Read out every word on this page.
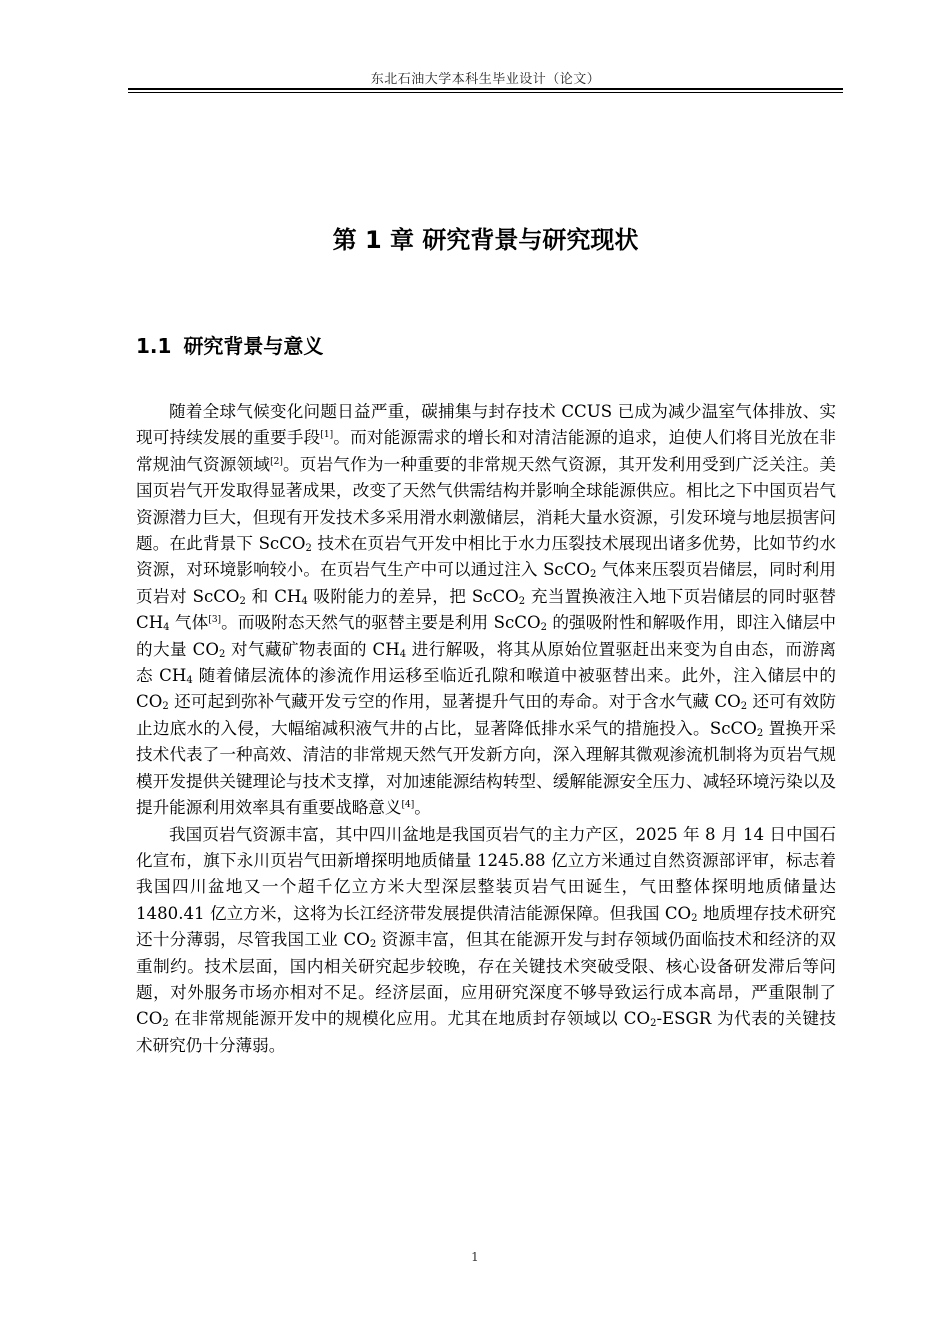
东北石油大学本科生毕业设计（论文）
第 1 章 研究背景与研究现状
1.1 研究背景与意义

随着全球气候变化问题日益严重，碳捕集与封存技术 CCUS 已成为减少温室气体排放、实现可持续发展的重要手段[1]。而对能源需求的增长和对清洁能源的追求，迫使人们将目光放在非常规油气资源领域[2]。页岩气作为一种重要的非常规天然气资源，其开发利用受到广泛关注。美国页岩气开发取得显著成果，改变了天然气供需结构并影响全球能源供应。相比之下中国页岩气资源潜力巨大，但现有开发技术多采用滑水刺激储层，消耗大量水资源，引发环境与地层损害问题。在此背景下 ScCO$_2$ 技术在页岩气开发中相比于水力压裂技术展现出诸多优势，比如节约水资源，对环境影响较小。在页岩气生产中可以通过注入 ScCO$_2$ 气体来压裂页岩储层，同时利用页岩对 ScCO$_2$ 和 $CH_4$ 吸附能力的差异，把 ScCO$_2$ 充当置换液注入地下页岩储层的同时驱替 $CH_4$ 气体[3]。而吸附态天然气的驱替主要是利用 ScCO$_2$ 的强吸附性和解吸作用，即注入储层中的大量 $CO_2$ 对气藏矿物表面的 $CH_4$ 进行解吸，将其从原始位置驱赶出来变为自由态，而游离态 $CH_4$ 随着储层流体的渗流作用运移至临近孔隙和喉道中被驱替出来。此外，注入储层中的 $CO_2$ 还可起到弥补气藏开发亏空的作用，显著提升气田的寿命。对于含水气藏 $CO_2$ 还可有效防止边底水的入侵，大幅缩减积液气井的占比，显著降低排水采气的措施投入。ScCO$_2$ 置换开采技术代表了一种高效、清洁的非常规天然气开发新方向，深入理解其微观渗流机制将为页岩气规模开发提供关键理论与技术支撑，对加速能源结构转型、缓解能源安全压力、减轻环境污染以及提升能源利用效率具有重要战略意义[4]。

我国页岩气资源丰富，其中四川盆地是我国页岩气的主力产区，2025 年 8 月 14 日中国石化宣布，旗下永川页岩气田新增探明地质储量 1245.88 亿立方米通过自然资源部评审，标志着我国四川盆地又一个超千亿立方米大型深层整装页岩气田诞生，气田整体探明地质储量达 1480.41 亿立方米，这将为长江经济带发展提供清洁能源保障。但我国 $CO_2$ 地质埋存技术研究还十分薄弱，尽管我国工业 $CO_2$ 资源丰富，但其在能源开发与封存领域仍面临技术和经济的双重制约。技术层面，国内相关研究起步较晚，存在关键技术突破受限、核心设备研发滞后等问题，对外服务市场亦相对不足。经济层面，应用研究深度不够导致运行成本高昂，严重限制了 $CO_2$ 在非常规能源开发中的规模化应用。尤其在地质封存领域以 $CO_2$-ESGR 为代表的关键技术研究仍十分薄弱。

1
